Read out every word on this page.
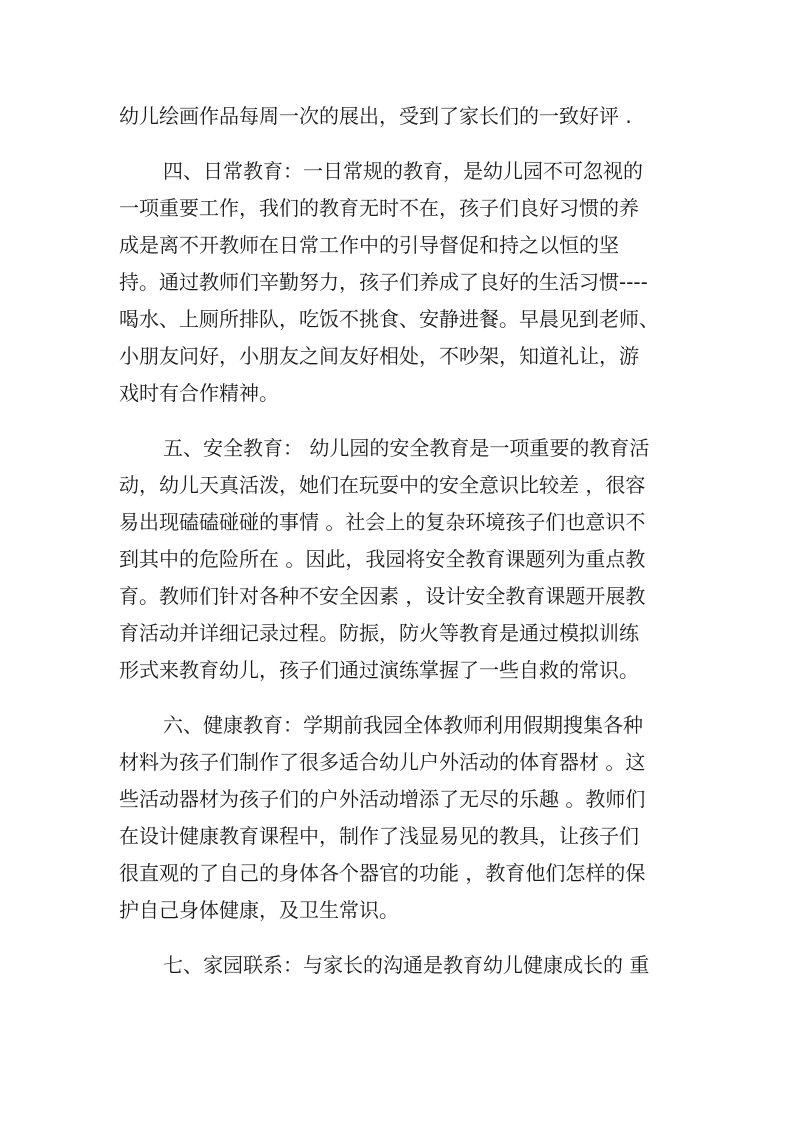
幼儿绘画作品每周一次的展出，受到了家长们的一致好评 .
四、日常教育：一日常规的教育，是幼儿园不可忽视的
一项重要工作，我们的教育无时不在，孩子们良好习惯的养
成是离不开教师在日常工作中的引导督促和持之以恒的坚
持。通过教师们辛勤努力，孩子们养成了良好的生活习惯----
喝水、上厕所排队，吃饭不挑食、安静进餐。早晨见到老师、
小朋友问好，小朋友之间友好相处，不吵架，知道礼让，游
戏时有合作精神。
五、安全教育： 幼儿园的安全教育是一项重要的教育活
动，幼儿天真活泼，她们在玩耍中的安全意识比较差 ，很容
易出现磕磕碰碰的事情 。社会上的复杂环境孩子们也意识不
到其中的危险所在 。因此，我园将安全教育课题列为重点教
育。教师们针对各种不安全因素 ，设计安全教育课题开展教
育活动并详细记录过程。防振，防火等教育是通过模拟训练
形式来教育幼儿，孩子们通过演练掌握了一些自救的常识。
六、健康教育：学期前我园全体教师利用假期搜集各种
材料为孩子们制作了很多适合幼儿户外活动的体育器材 。这
些活动器材为孩子们的户外活动增添了无尽的乐趣 。教师们
在设计健康教育课程中，制作了浅显易见的教具，让孩子们
很直观的了自己的身体各个器官的功能 ，教育他们怎样的保
护自己身体健康，及卫生常识。
七、家园联系：与家长的沟通是教育幼儿健康成长的 重
